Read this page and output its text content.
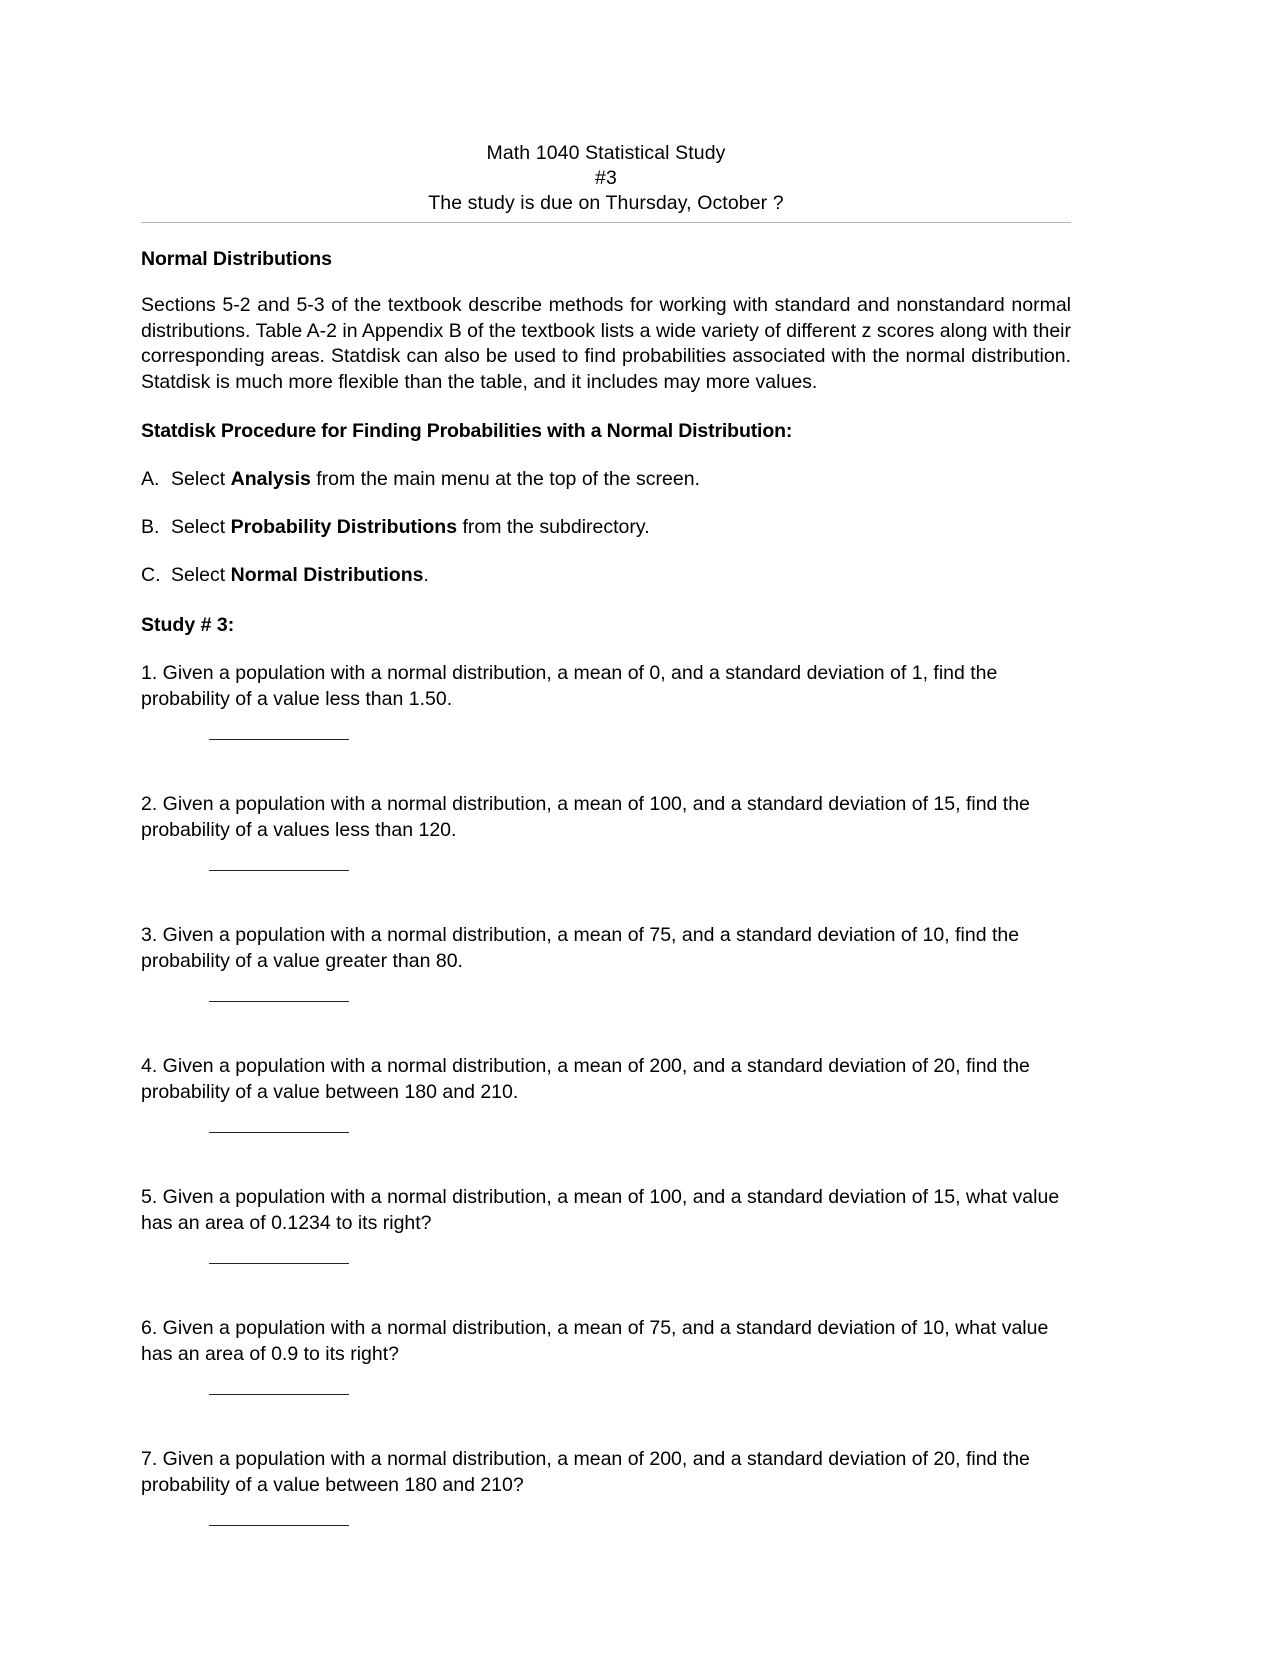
Math 1040 Statistical Study
#3
The study is due on Thursday, October ?
Normal Distributions

Sections 5-2 and 5-3 of the textbook describe methods for working with standard and nonstandard normal distributions. Table A-2 in Appendix B of the textbook lists a wide variety of different z scores along with their corresponding areas. Statdisk can also be used to find probabilities associated with the normal distribution. Statdisk is much more flexible than the table, and it includes may more values.

Statdisk Procedure for Finding Probabilities with a Normal Distribution:
A. Select Analysis from the main menu at the top of the screen.
B. Select Probability Distributions from the subdirectory.
C. Select Normal Distributions.
Study # 3:

1. Given a population with a normal distribution, a mean of 0, and a standard deviation of 1, find the probability of a value less than 1.50.

2. Given a population with a normal distribution, a mean of 100, and a standard deviation of 15, find the probability of a values less than 120.

3. Given a population with a normal distribution, a mean of 75, and a standard deviation of 10, find the probability of a value greater than 80.

4. Given a population with a normal distribution, a mean of 200, and a standard deviation of 20, find the probability of a value between 180 and 210.

5. Given a population with a normal distribution, a mean of 100, and a standard deviation of 15, what value has an area of 0.1234 to its right?

6. Given a population with a normal distribution, a mean of 75, and a standard deviation of 10, what value has an area of 0.9 to its right?

7. Given a population with a normal distribution, a mean of 200, and a standard deviation of 20, find the probability of a value between 180 and 210?
